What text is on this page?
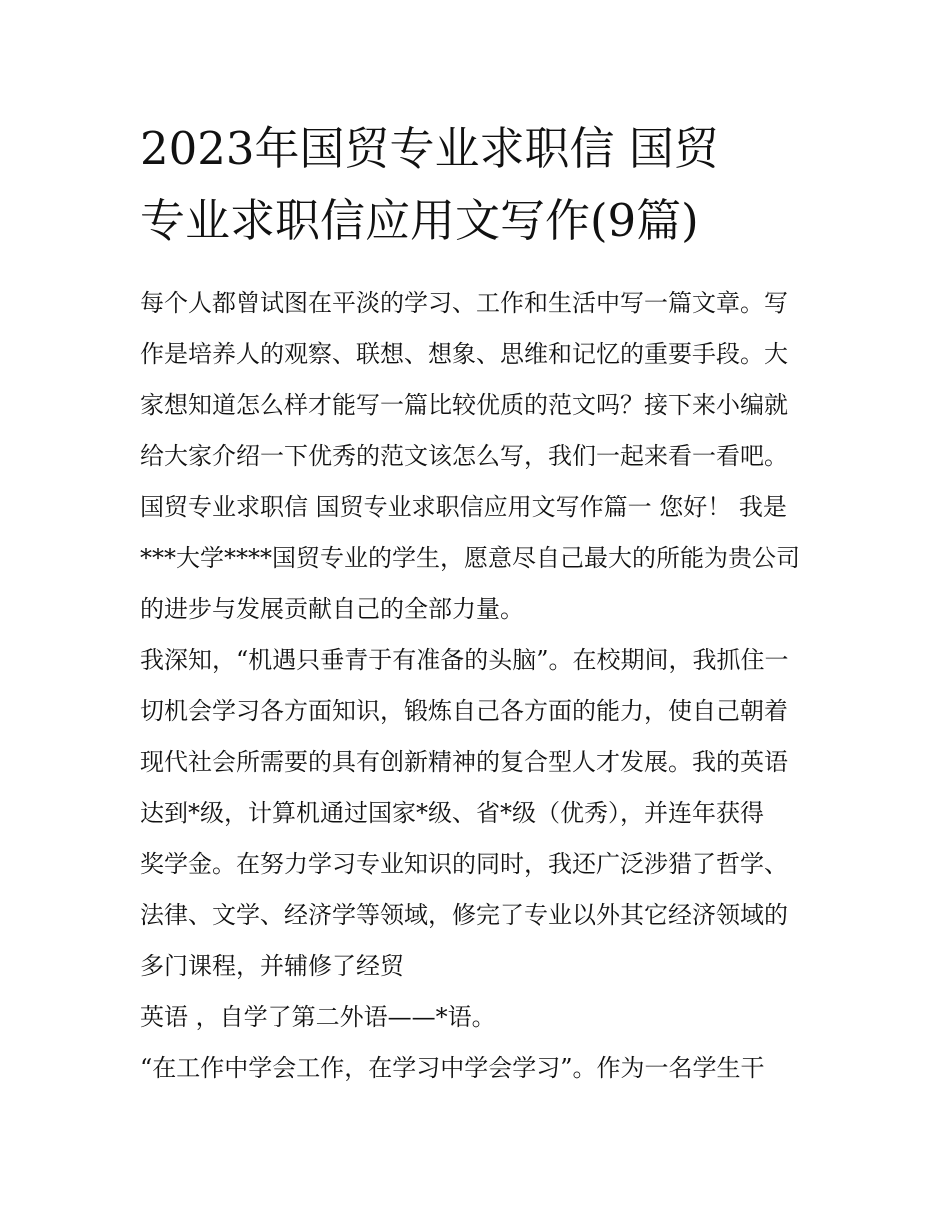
2023年国贸专业求职信 国贸
专业求职信应用文写作(9篇)
每个人都曾试图在平淡的学习、工作和生活中写一篇文章。写
作是培养人的观察、联想、想象、思维和记忆的重要手段。大
家想知道怎么样才能写一篇比较优质的范文吗？接下来小编就
给大家介绍一下优秀的范文该怎么写，我们一起来看一看吧。
国贸专业求职信 国贸专业求职信应用文写作篇一 您好！ 我是
***大学****国贸专业的学生，愿意尽自己最大的所能为贵公司
的进步与发展贡献自己的全部力量。
我深知，“机遇只垂青于有准备的头脑”。在校期间，我抓住一
切机会学习各方面知识，锻炼自己各方面的能力，使自己朝着
现代社会所需要的具有创新精神的复合型人才发展。我的英语
达到*级，计算机通过国家*级、省*级（优秀），并连年获得
奖学金。在努力学习专业知识的同时，我还广泛涉猎了哲学、
法律、文学、经济学等领域，修完了专业以外其它经济领域的
多门课程，并辅修了经贸
英语 ，自学了第二外语——*语。
“在工作中学会工作，在学习中学会学习”。作为一名学生干
